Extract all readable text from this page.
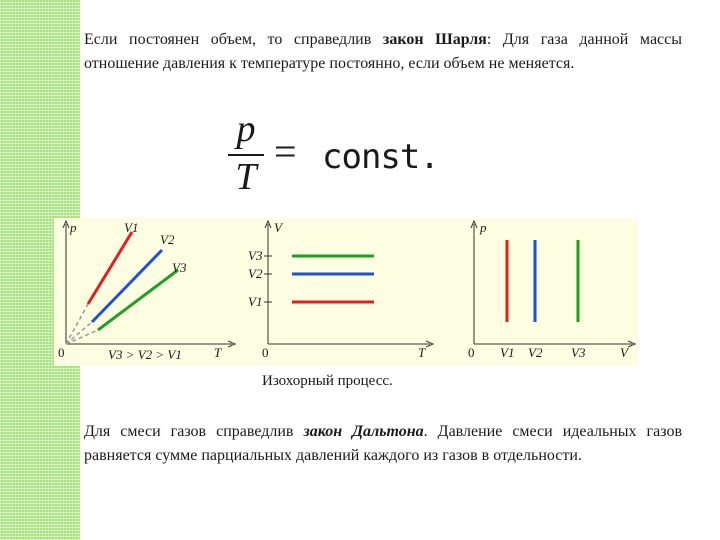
Если постоянен объем, то справедлив закон Шарля: Для газа данной массы отношение давления к температуре постоянно, если объем не меняется.

p
T
= const.
p
0	T
V1
V2
V3
V3 > V2 > V1
V
0	T
V3
V2
V1
p
0	V
V1 V2 V3
Изохорный процесс.

Для смеси газов справедлив закон Дальтона. Давление смеси идеальных газов равняется сумме парциальных давлений каждого из газов в отдельности.
